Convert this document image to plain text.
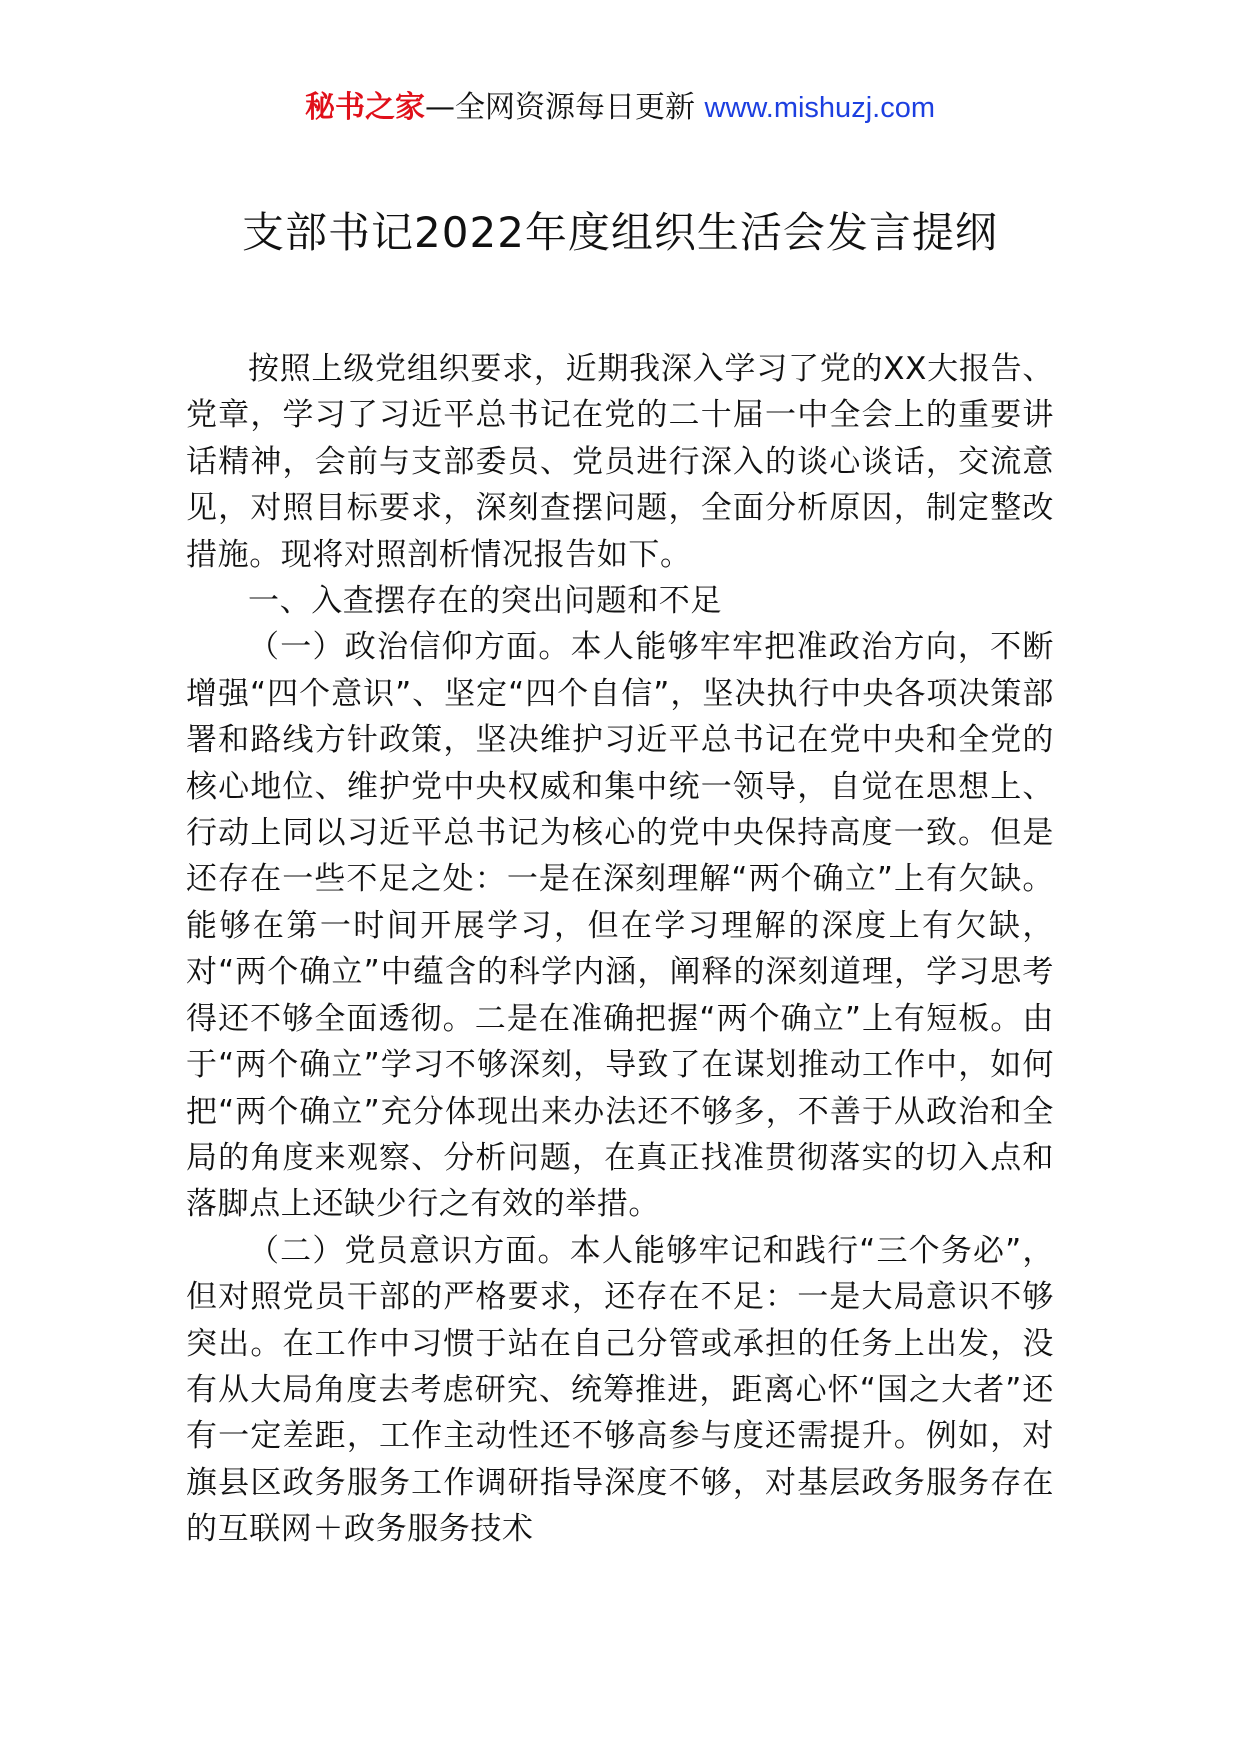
秘书之家—全网资源每日更新 www.mishuzj.com
支部书记2022年度组织生活会发言提纲

按照上级党组织要求，近期我深入学习了党的XX大报告、党章，学习了习近平总书记在党的二十届一中全会上的重要讲话精神，会前与支部委员、党员进行深入的谈心谈话，交流意见，对照目标要求，深刻查摆问题，全面分析原因，制定整改措施。现将对照剖析情况报告如下。

一、入查摆存在的突出问题和不足

（一）政治信仰方面。本人能够牢牢把准政治方向，不断增强“四个意识”、坚定“四个自信”，坚决执行中央各项决策部署和路线方针政策，坚决维护习近平总书记在党中央和全党的核心地位、维护党中央权威和集中统一领导，自觉在思想上、行动上同以习近平总书记为核心的党中央保持高度一致。但是还存在一些不足之处：一是在深刻理解“两个确立”上有欠缺。能够在第一时间开展学习，但在学习理解的深度上有欠缺，对“两个确立”中蕴含的科学内涵，阐释的深刻道理，学习思考得还不够全面透彻。二是在准确把握“两个确立”上有短板。由于“两个确立”学习不够深刻，导致了在谋划推动工作中，如何把“两个确立”充分体现出来办法还不够多，不善于从政治和全局的角度来观察、分析问题，在真正找准贯彻落实的切入点和落脚点上还缺少行之有效的举措。

（二）党员意识方面。本人能够牢记和践行“三个务必”，但对照党员干部的严格要求，还存在不足：一是大局意识不够突出。在工作中习惯于站在自己分管或承担的任务上出发，没有从大局角度去考虑研究、统筹推进，距离心怀“国之大者”还有一定差距，工作主动性还不够高参与度还需提升。例如，对旗县区政务服务工作调研指导深度不够，对基层政务服务存在的互联网＋政务服务技术
